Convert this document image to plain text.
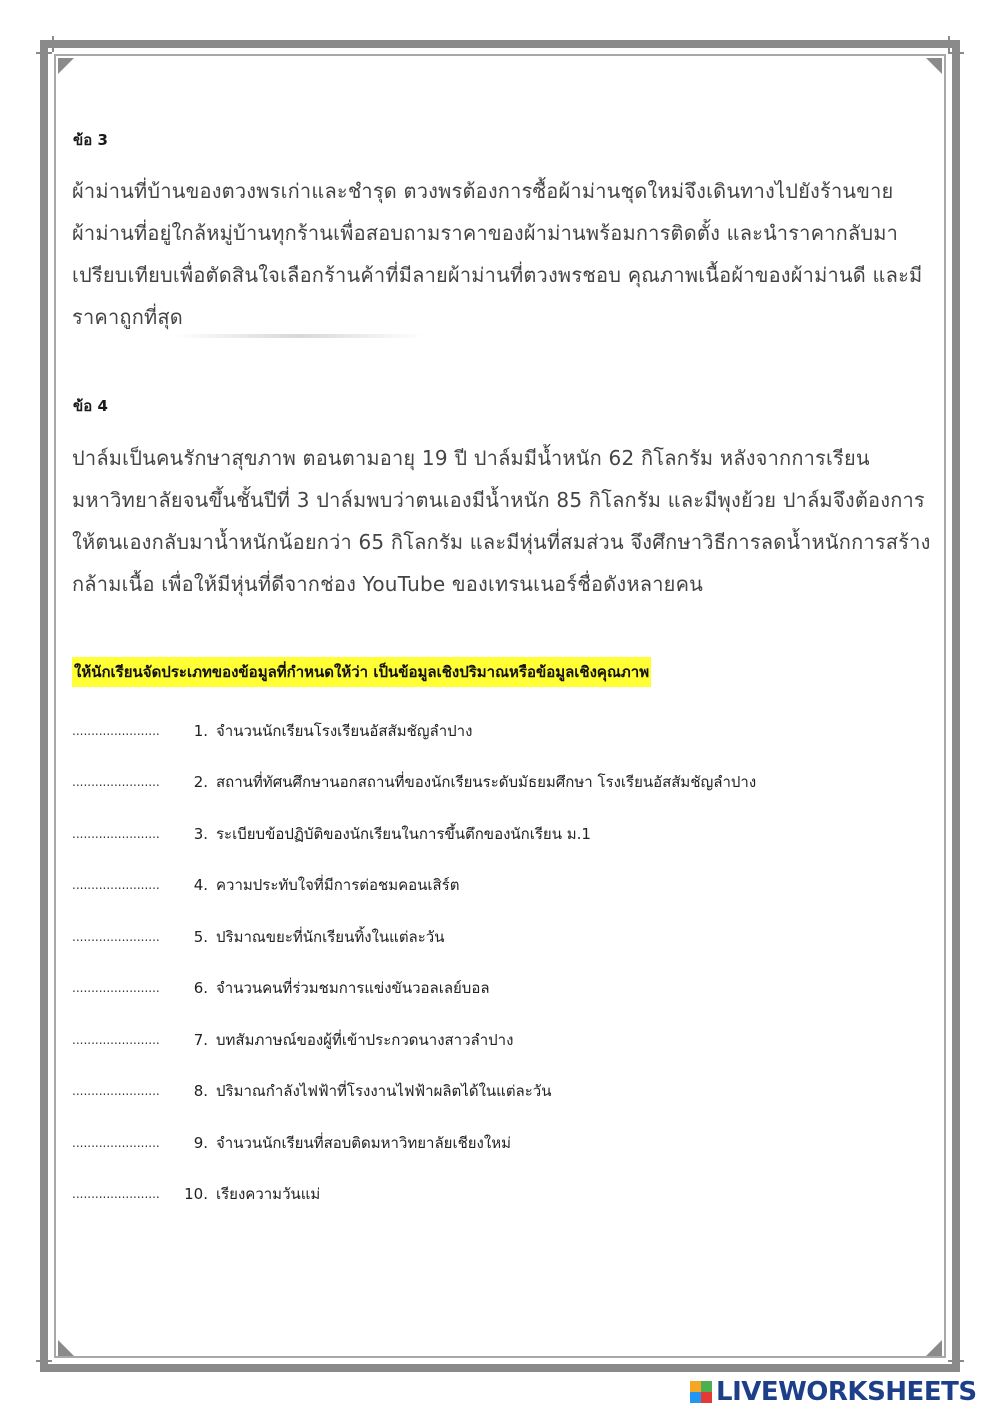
ข้อ 3
ผ้าม่านที่บ้านของตวงพรเก่าและชำรุด ตวงพรต้องการซื้อผ้าม่านชุดใหม่จึงเดินทางไปยังร้านขาย
ผ้าม่านที่อยู่ใกล้หมู่บ้านทุกร้านเพื่อสอบถามราคาของผ้าม่านพร้อมการติดตั้ง และนำราคากลับมา
เปรียบเทียบเพื่อตัดสินใจเลือกร้านค้าที่มีลายผ้าม่านที่ตวงพรชอบ คุณภาพเนื้อผ้าของผ้าม่านดี และมี
ราคาถูกที่สุด
ข้อ 4
ปาล์มเป็นคนรักษาสุขภาพ ตอนตามอายุ 19 ปี ปาล์มมีน้ำหนัก 62 กิโลกรัม หลังจากการเรียน
มหาวิทยาลัยจนขึ้นชั้นปีที่ 3 ปาล์มพบว่าตนเองมีน้ำหนัก 85 กิโลกรัม และมีพุงย้วย ปาล์มจึงต้องการ
ให้ตนเองกลับมาน้ำหนักน้อยกว่า 65 กิโลกรัม และมีหุ่นที่สมส่วน จึงศึกษาวิธีการลดน้ำหนักการสร้าง
กล้ามเนื้อ เพื่อให้มีหุ่นที่ดีจากช่อง YouTube ของเทรนเนอร์ชื่อดังหลายคน
ให้นักเรียนจัดประเภทของข้อมูลที่กำหนดให้ว่า เป็นข้อมูลเชิงปริมาณหรือข้อมูลเชิงคุณภาพ
.......................	1. จำนวนนักเรียนโรงเรียนอัสสัมชัญลำปาง
.......................	2. สถานที่ทัศนศึกษานอกสถานที่ของนักเรียนระดับมัธยมศึกษา โรงเรียนอัสสัมชัญลำปาง
.......................	3. ระเบียบข้อปฏิบัติของนักเรียนในการขึ้นตึกของนักเรียน ม.1
.......................	4. ความประทับใจที่มีการต่อชมคอนเสิร์ต
.......................	5. ปริมาณขยะที่นักเรียนทิ้งในแต่ละวัน
.......................	6. จำนวนคนที่ร่วมชมการแข่งขันวอลเลย์บอล
.......................	7. บทสัมภาษณ์ของผู้ที่เข้าประกวดนางสาวลำปาง
.......................	8. ปริมาณกำลังไฟฟ้าที่โรงงานไฟฟ้าผลิตได้ในแต่ละวัน
.......................	9. จำนวนนักเรียนที่สอบติดมหาวิทยาลัยเชียงใหม่
.......................	10. เรียงความวันแม่
LIVEWORKSHEETS
